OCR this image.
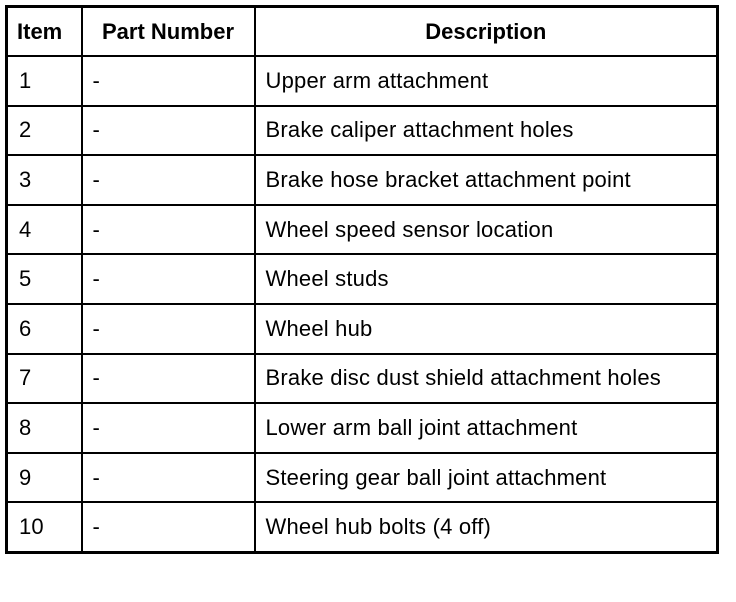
Item	Part Number	Description
1	-	Upper arm attachment
2	-	Brake caliper attachment holes
3	-	Brake hose bracket attachment point
4	-	Wheel speed sensor location
5	-	Wheel studs
6	-	Wheel hub
7	-	Brake disc dust shield attachment holes
8	-	Lower arm ball joint attachment
9	-	Steering gear ball joint attachment
10	-	Wheel hub bolts (4 off)
